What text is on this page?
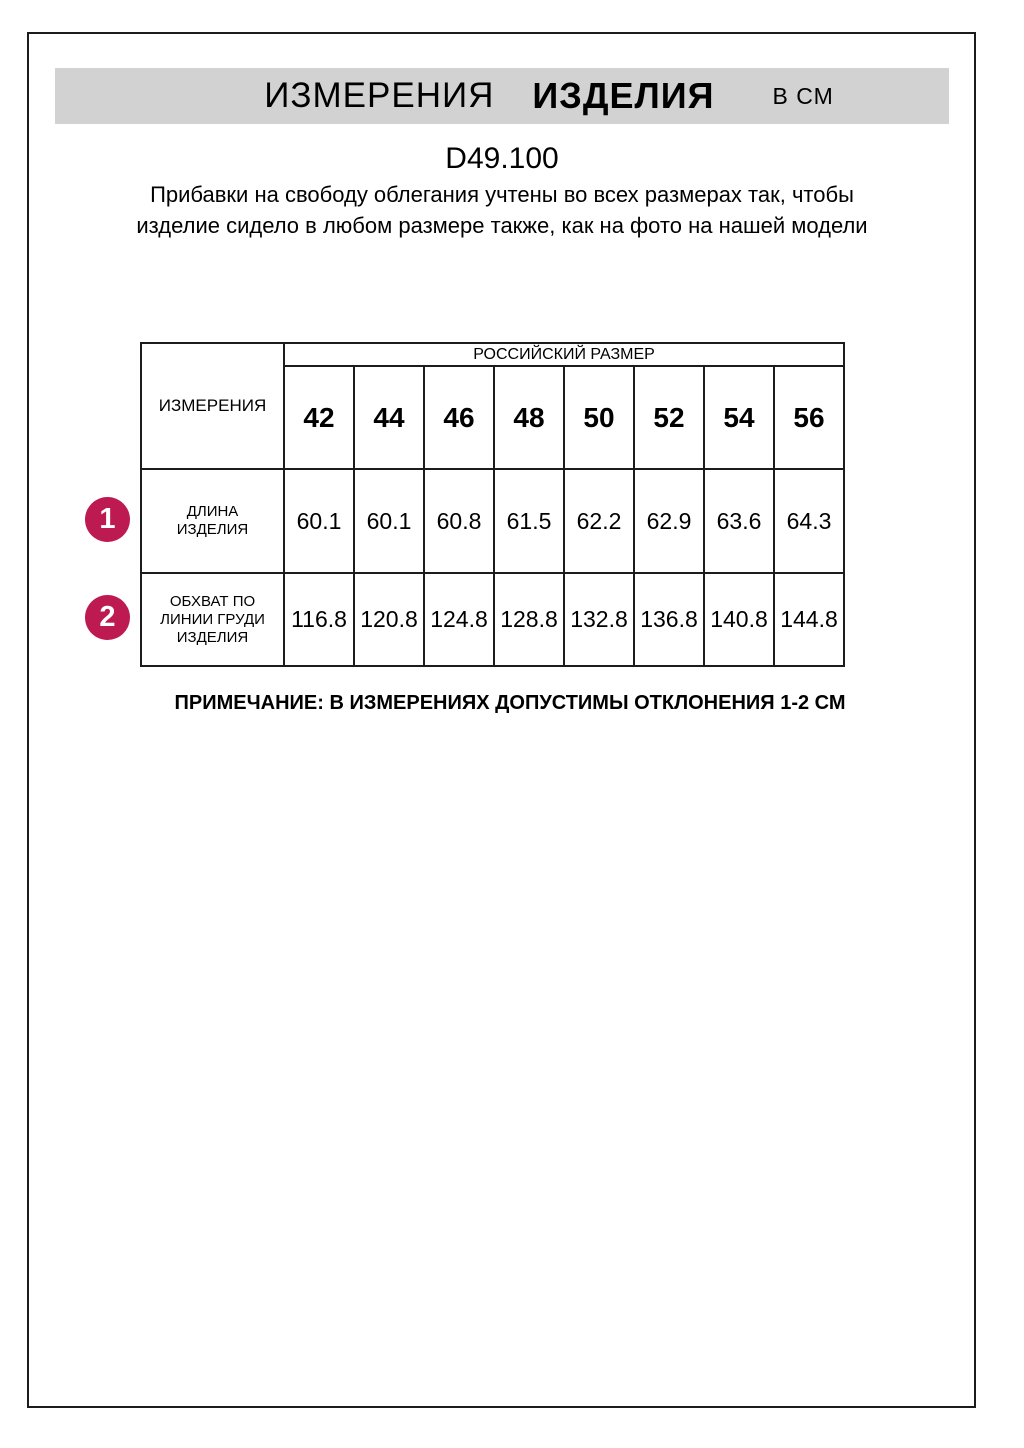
ИЗМЕРЕНИЯ ИЗДЕЛИЯ	В СМ
D49.100
Прибавки на свободу облегания учтены во всех размерах так, чтобы изделие сидело в любом размере также, как на фото на нашей модели
ИЗМЕРЕНИЯ	РОССИЙСКИЙ РАЗМЕР							
	42	44	46	48	50	52	54	56
ДЛИНА ИЗДЕЛИЯ	60.1	60.1	60.8	61.5	62.2	62.9	63.6	64.3
ОБХВАТ ПО ЛИНИИ ГРУДИ ИЗДЕЛИЯ	116.8	120.8	124.8	128.8	132.8	136.8	140.8	144.8
1
2
ПРИМЕЧАНИЕ: В ИЗМЕРЕНИЯХ ДОПУСТИМЫ ОТКЛОНЕНИЯ 1-2 СМ
